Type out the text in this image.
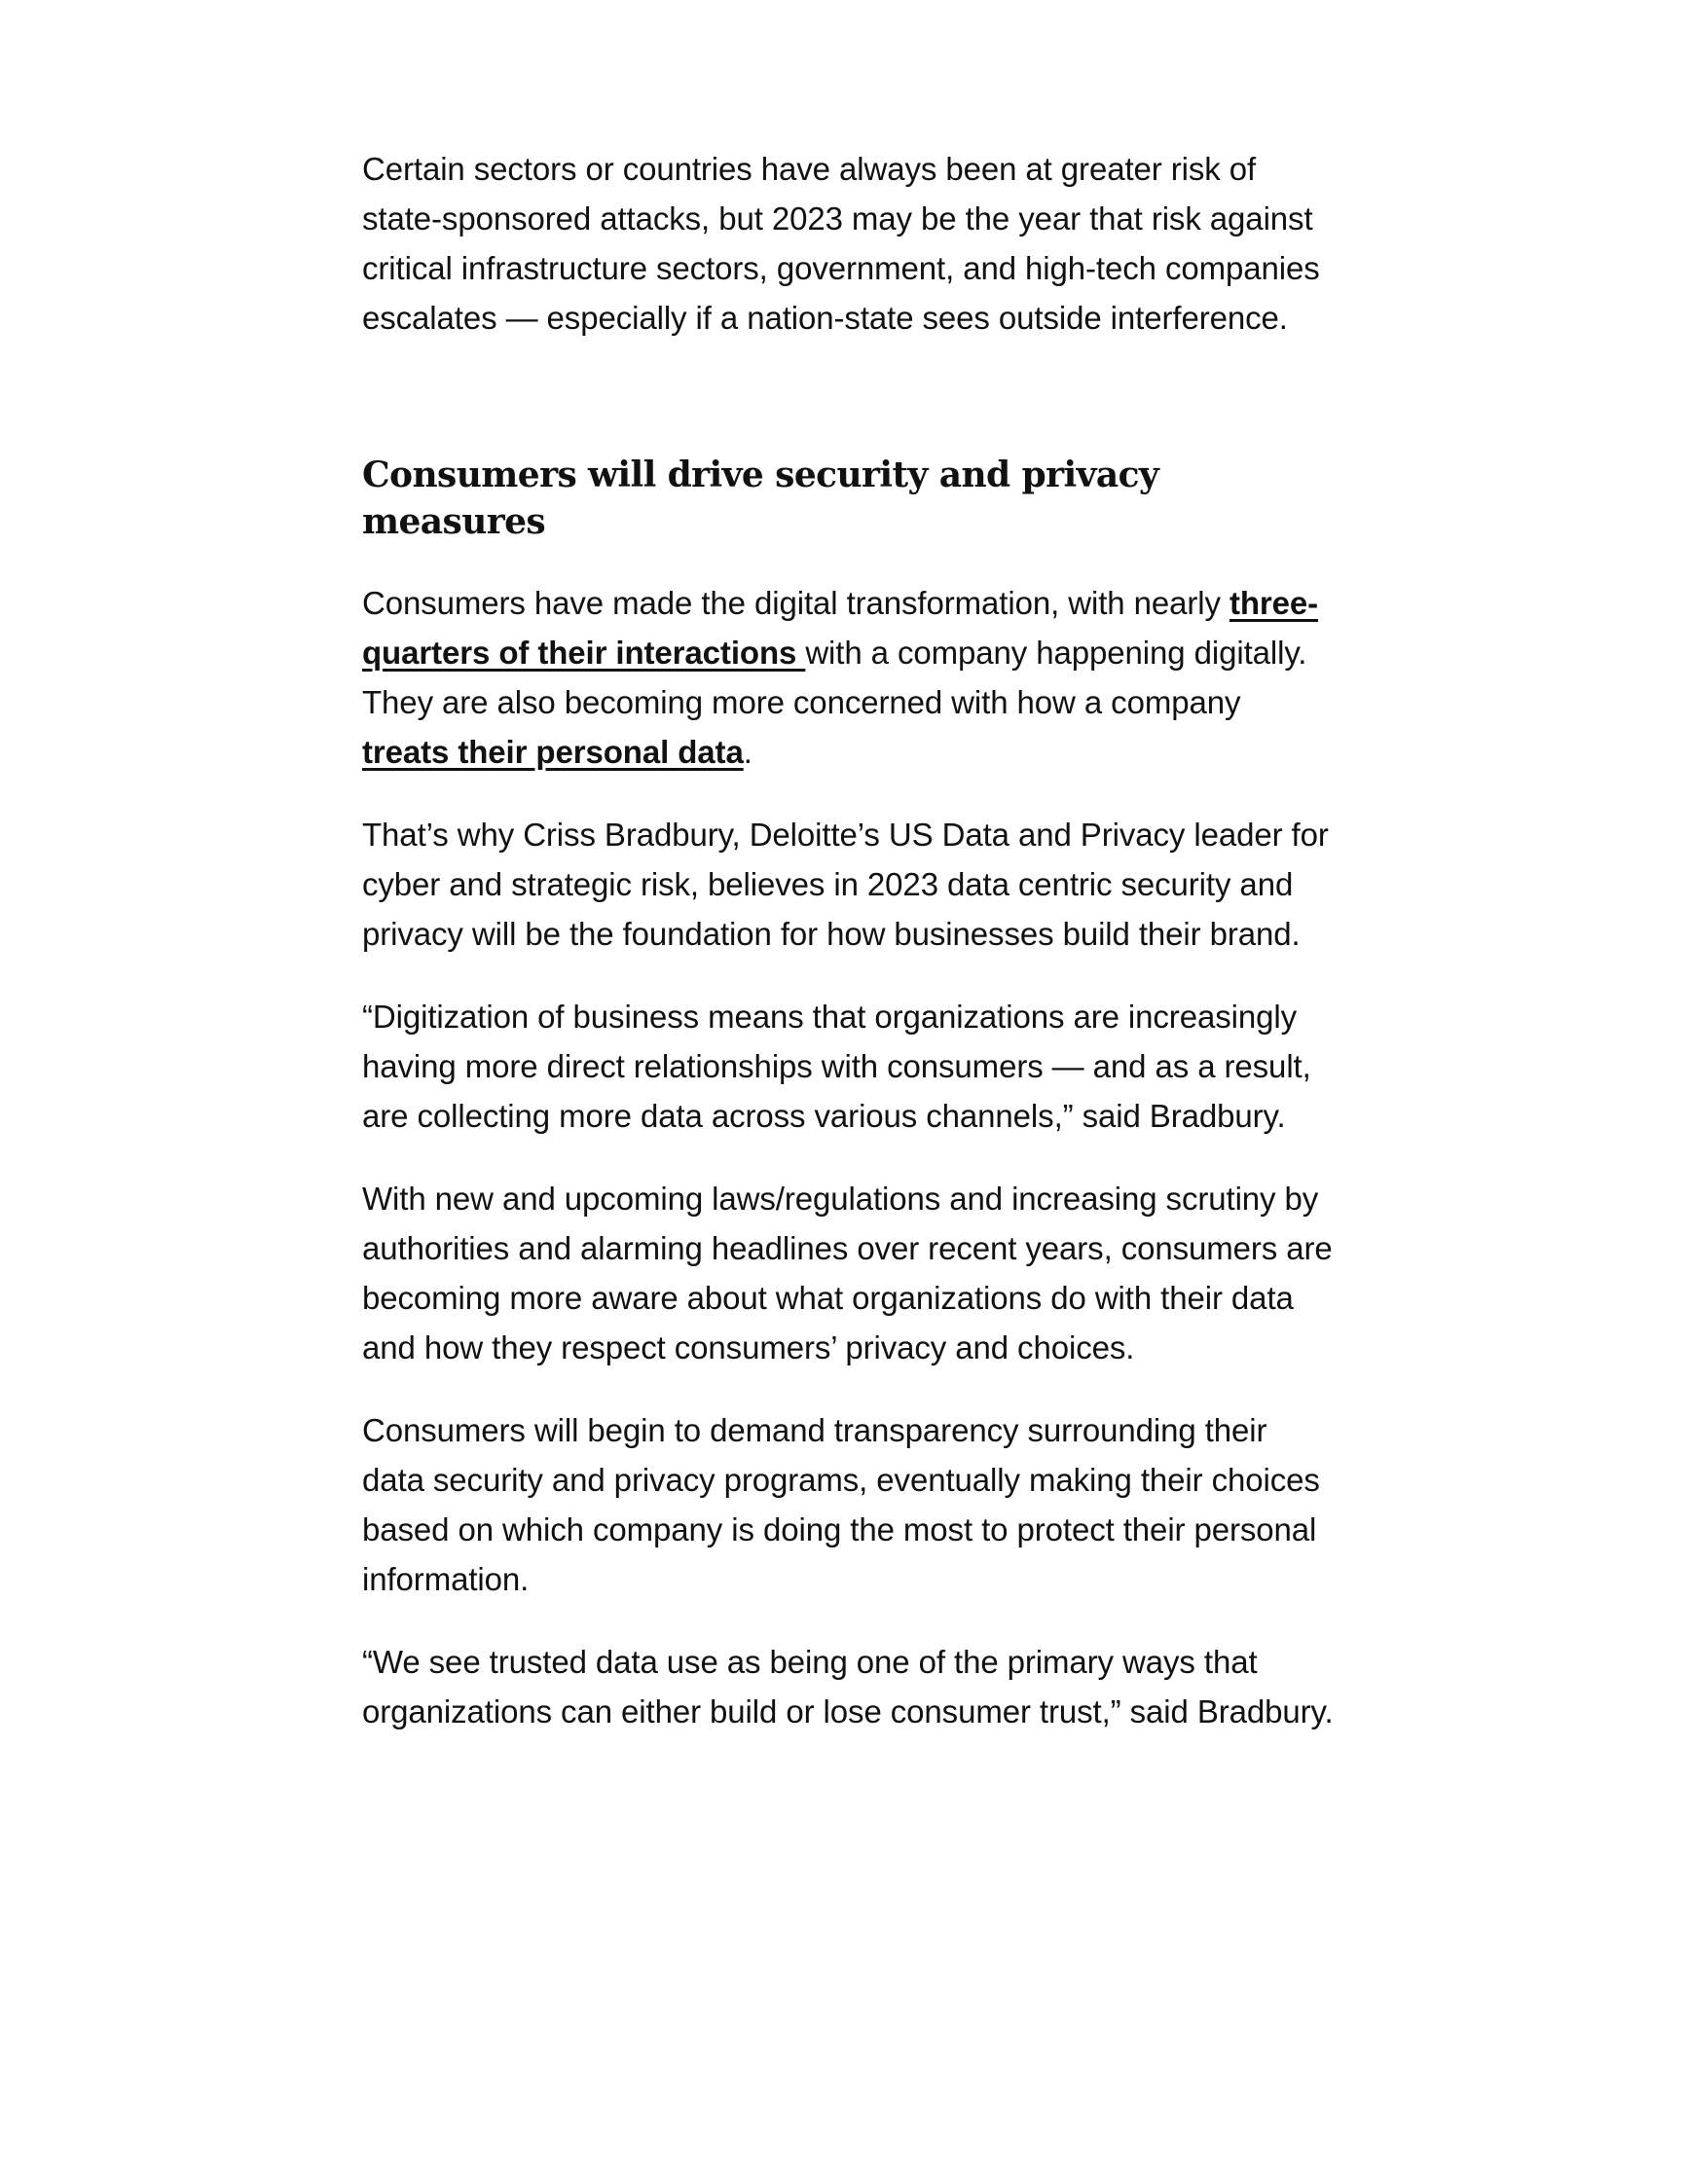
Certain sectors or countries have always been at greater risk of state-sponsored attacks, but 2023 may be the year that risk against critical infrastructure sectors, government, and high-tech companies escalates — especially if a nation-state sees outside interference.

Consumers will drive security and privacy measures

Consumers have made the digital transformation, with nearly three-quarters of their interactions with a company happening digitally. They are also becoming more concerned with how a company treats their personal data.

That’s why Criss Bradbury, Deloitte’s US Data and Privacy leader for cyber and strategic risk, believes in 2023 data centric security and privacy will be the foundation for how businesses build their brand.

“Digitization of business means that organizations are increasingly having more direct relationships with consumers — and as a result, are collecting more data across various channels,” said Bradbury.

With new and upcoming laws/regulations and increasing scrutiny by authorities and alarming headlines over recent years, consumers are becoming more aware about what organizations do with their data and how they respect consumers’ privacy and choices.

Consumers will begin to demand transparency surrounding their data security and privacy programs, eventually making their choices based on which company is doing the most to protect their personal information.

“We see trusted data use as being one of the primary ways that organizations can either build or lose consumer trust,” said Bradbury.
